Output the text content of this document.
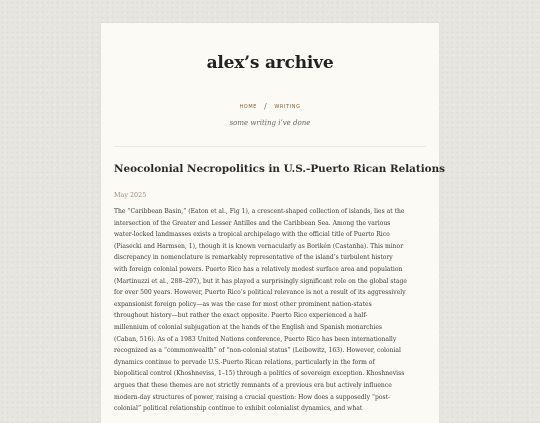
alex’s archive
HOME / WRITING
some writing i’ve done
Neocolonial Necropolitics in U.S.-Puerto Rican Relations
May 2025

The “Caribbean Basin,” (Eaton et al., Fig 1), a crescent-shaped collection of islands, lies at the
intersection of the Greater and Lesser Antilles and the Caribbean Sea. Among the various
water-locked landmasses exists a tropical archipelago with the official title of Puerto Rico
(Piasecki and Harmsen, 1), though it is known vernacularly as Borikén (Castanha). This minor
discrepancy in nomenclature is remarkably representative of the island’s turbulent history
with foreign colonial powers. Puerto Rico has a relatively modest surface area and population
(Martinuzzi et al., 288–297), but it has played a surprisingly significant role on the global stage
for over 500 years. However, Puerto Rico’s political relevance is not a result of its aggressively
expansionist foreign policy—as was the case for most other prominent nation-states
throughout history—but rather the exact opposite. Puerto Rico experienced a half-
millennium of colonial subjugation at the hands of the English and Spanish monarchies
(Caban, 516). As of a 1983 United Nations conference, Puerto Rico has been internationally
recognized as a “commonwealth” of “non-colonial status” (Leibowitz, 163). However, colonial
dynamics continue to pervade U.S.-Puerto Rican relations, particularly in the form of
biopolitical control (Khoshneviss, 1–15) through a politics of sovereign exception. Khoshneviss
argues that these themes are not strictly remnants of a previous era but actively influence
modern-day structures of power, raising a crucial question: How does a supposedly “post-
colonial” political relationship continue to exhibit colonialist dynamics, and what
